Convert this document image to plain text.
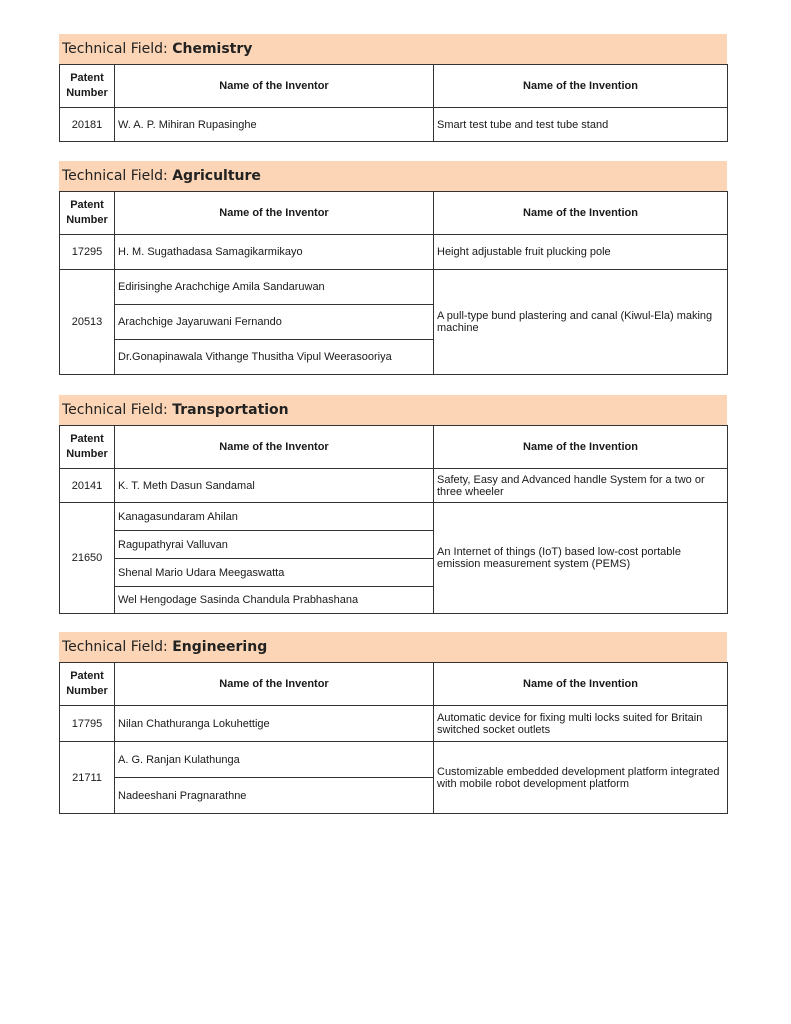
Technical Field: Chemistry
Patent Number	Name of the Inventor	Name of the Invention
20181	W. A. P. Mihiran Rupasinghe	Smart test tube and test tube stand
Technical Field: Agriculture
Patent Number	Name of the Inventor	Name of the Invention
17295	H. M. Sugathadasa Samagikarmikayo	Height adjustable fruit plucking pole
20513	Edirisinghe Arachchige Amila Sandaruwan	A pull-type bund plastering and canal (Kiwul-Ela) making machine
	Arachchige Jayaruwani Fernando	
	Dr.Gonapinawala Vithange Thusitha Vipul Weerasooriya	
Technical Field: Transportation
Patent Number	Name of the Inventor	Name of the Invention
20141	K. T. Meth Dasun Sandamal	Safety, Easy and Advanced handle System for a two or three wheeler
21650	Kanagasundaram Ahilan	An Internet of things (IoT) based low-cost portable emission measurement system (PEMS)
	Ragupathyrai Valluvan	
	Shenal Mario Udara Meegaswatta	
	Wel Hengodage Sasinda Chandula Prabhashana	
Technical Field: Engineering
Patent Number	Name of the Inventor	Name of the Invention
17795	Nilan Chathuranga Lokuhettige	Automatic device for fixing multi locks suited for Britain switched socket outlets
21711	A. G. Ranjan Kulathunga	Customizable embedded development platform integrated with mobile robot development platform
	Nadeeshani Pragnarathne	
